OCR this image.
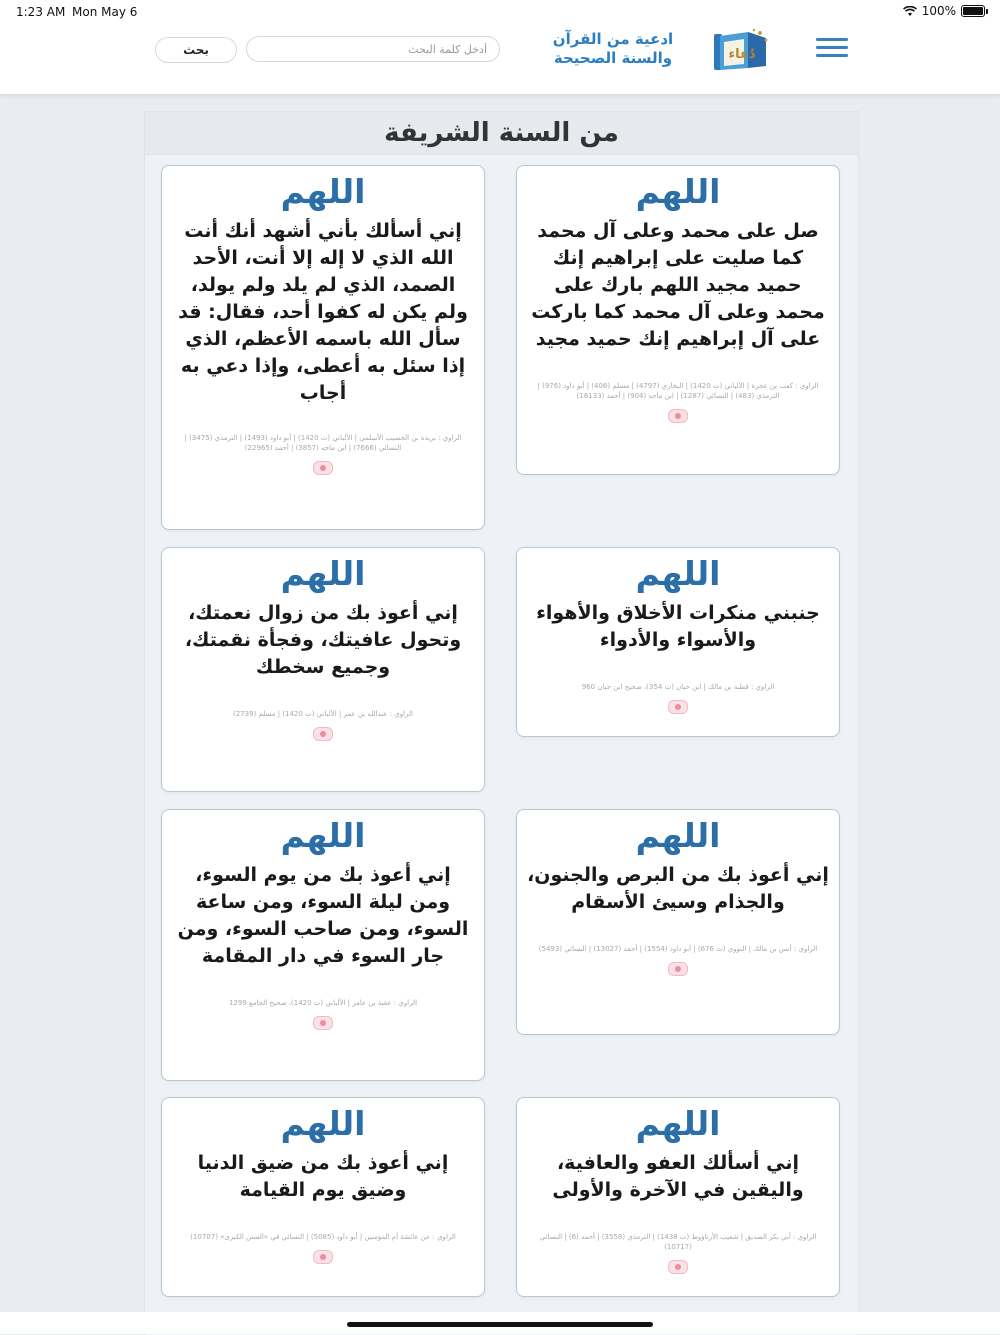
1:23 AM Mon May 6	100%
بحث
أدخل كلمة البحث
ادعية من القرآن
والسنة الصحيحة	دُعاء
من السنة الشريفة
اللهم
صل على محمد وعلى آل محمد كما صليت على إبراهيم إنك حميد مجيد اللهم بارك على محمد وعلى آل محمد كما باركت على آل إبراهيم إنك حميد مجيد
الراوي : كعب بن عجرة | الألباني (ت 1420) | البخاري (4797) | مسلم (406) | أبو داود (976) | الترمذي (483) | النسائي (1287) | ابن ماجه (904) | أحمد (18133)
اللهم
إني أسألك بأني أشهد أنك أنت الله الذي لا إله إلا أنت، الأحد الصمد، الذي لم يلد ولم يولد، ولم يكن له كفوا أحد، فقال: قد سأل الله باسمه الأعظم، الذي إذا سئل به أعطى، وإذا دعي به أجاب
الراوي : بريدة بن الحصيب الأسلمي | الألباني (ت 1420) | أبو داود (1493) | الترمذي (3475) | النسائي (7666) | ابن ماجه (3857) | أحمد (22965)
اللهم
جنبني منكرات الأخلاق والأهواء والأسواء والأدواء
الراوي : قطبة بن مالك | ابن حبان (ت 354)، صحيح ابن حبان 960
اللهم
إني أعوذ بك من زوال نعمتك، وتحول عافيتك، وفجأة نقمتك، وجميع سخطك
الراوي : عبدالله بن عمر | الألباني (ت 1420) | مسلم (2739)
اللهم
إني أعوذ بك من البرص والجنون، والجذام وسيئ الأسقام
الراوي : أنس بن مالك | النووي (ت 676) | أبو داود (1554) | أحمد (13027) | النسائي (5493)
اللهم
إني أعوذ بك من يوم السوء، ومن ليلة السوء، ومن ساعة السوء، ومن صاحب السوء، ومن جار السوء في دار المقامة
الراوي : عقبة بن عامر | الألباني (ت 1420)، صحيح الجامع 1299
اللهم
إني أسألك العفو والعافية، واليقين في الآخرة والأولى
الراوي : أبي بكر الصديق | شعيب الأرناؤوط (ت 1438) | الترمذي (3558) | أحمد (6) | النسائي (10717)
اللهم
إني أعوذ بك من ضيق الدنيا وضيق يوم القيامة
الراوي : عن عائشة أم المؤمنين | أبو داود (5085) | النسائي في «السنن الكبرى» (10707)
